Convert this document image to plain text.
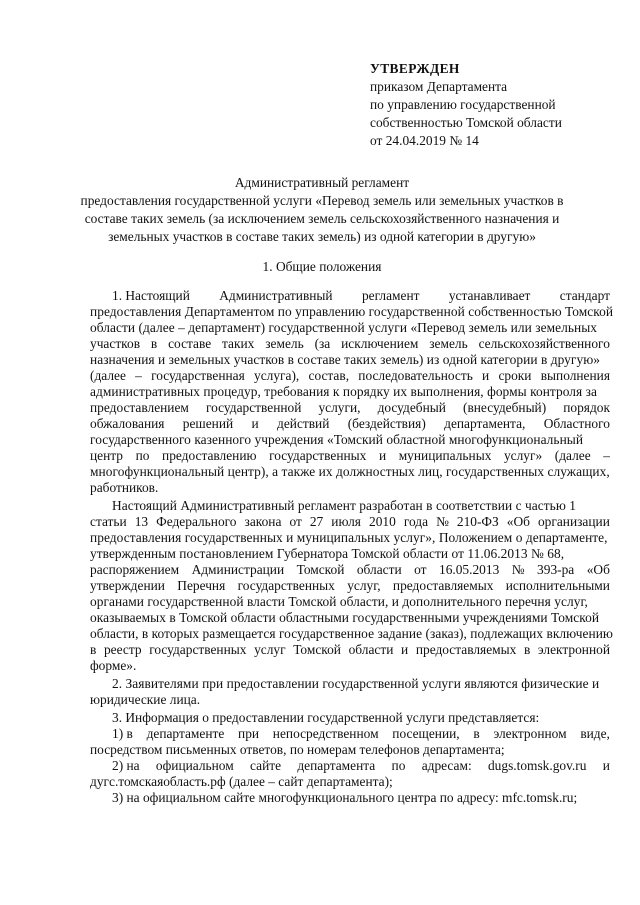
УТВЕРЖДЕН
приказом Департамента
по управлению государственной
собственностью Томской области
от 24.04.2019 № 14
Административный регламент
предоставления государственной услуги «Перевод земель или земельных участков в
составе таких земель (за исключением земель сельскохозяйственного назначения и
земельных участков в составе таких земель) из одной категории в другую»
1. Общие положения
1. Настоящий Административный регламент устанавливает стандарт
предоставления Департаментом по управлению государственной собственностью Томской
области (далее – департамент) государственной услуги «Перевод земель или земельных
участков в составе таких земель (за исключением земель сельскохозяйственного
назначения и земельных участков в составе таких земель) из одной категории в другую»
(далее – государственная услуга), состав, последовательность и сроки выполнения
административных процедур, требования к порядку их выполнения, формы контроля за
предоставлением государственной услуги, досудебный (внесудебный) порядок
обжалования решений и действий (бездействия) департамента, Областного
государственного казенного учреждения «Томский областной многофункциональный
центр по предоставлению государственных и муниципальных услуг» (далее –
многофункциональный центр), а также их должностных лиц, государственных служащих,
работников.
Настоящий Административный регламент разработан в соответствии с частью 1
статьи 13 Федерального закона от 27 июля 2010 года № 210-ФЗ «Об организации
предоставления государственных и муниципальных услуг», Положением о департаменте,
утвержденным постановлением Губернатора Томской области от 11.06.2013 № 68,
распоряжением Администрации Томской области от 16.05.2013 № 393-ра «Об
утверждении Перечня государственных услуг, предоставляемых исполнительными
органами государственной власти Томской области, и дополнительного перечня услуг,
оказываемых в Томской области областными государственными учреждениями Томской
области, в которых размещается государственное задание (заказ), подлежащих включению
в реестр государственных услуг Томской области и предоставляемых в электронной
форме».
2. Заявителями при предоставлении государственной услуги являются физические и
юридические лица.
3. Информация о предоставлении государственной услуги представляется:
1) в департаменте при непосредственном посещении, в электронном виде,
посредством письменных ответов, по номерам телефонов департамента;
2) на официальном сайте департамента по адресам: dugs.tomsk.gov.ru и
дугс.томскаяобласть.рф (далее – сайт департамента);
3) на официальном сайте многофункционального центра по адресу: mfc.tomsk.ru;
